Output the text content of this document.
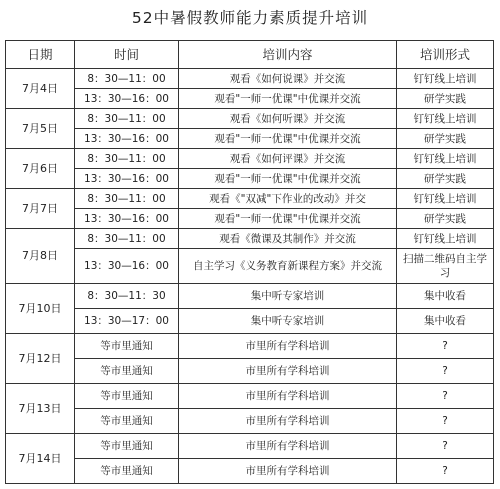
52中暑假教师能力素质提升培训
日期	时间	培训内容	培训形式
7月4日	8：30—11：00	观看《如何说课》并交流	钉钉线上培训
	13：30—16：00	观看"一师一优课"中优课并交流	研学实践
7月5日	8：30—11：00	观看《如何听课》并交流	钉钉线上培训
	13：30—16：00	观看"一师一优课"中优课并交流	研学实践
7月6日	8：30—11：00	观看《如何评课》并交流	钉钉线上培训
	13：30—16：00	观看"一师一优课"中优课并交流	研学实践
7月7日	8：30—11：00	观看《"双减"下作业的改动》并交	钉钉线上培训
	13：30—16：00	观看"一师一优课"中优课并交流	研学实践
7月8日	8：30—11：00	观看《微课及其制作》并交流	钉钉线上培训
	13：30—16：00	自主学习《义务教育新课程方案》并交流	扫描二维码自主学习
7月10日	8：30—11：30	集中听专家培训	集中收看
	13：30—17：00	集中听专家培训	集中收看
7月12日	等市里通知	市里所有学科培训	?
	等市里通知	市里所有学科培训	?
7月13日	等市里通知	市里所有学科培训	?
	等市里通知	市里所有学科培训	?
7月14日	等市里通知	市里所有学科培训	?
	等市里通知	市里所有学科培训	?
